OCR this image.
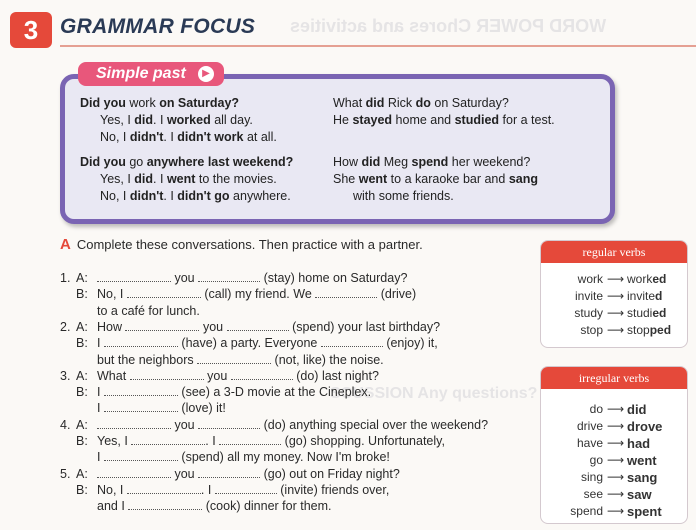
WORD POWER Chores and activities
SCUSSION Any questions?
3	GRAMMAR FOCUS
Simple past	▶
Did you work on Saturday?
Yes, I did. I worked all day.
No, I didn't. I didn't work at all.
Did you go anywhere last weekend?
Yes, I did. I went to the movies.
No, I didn't. I didn't go anywhere.
What did Rick do on Saturday?
He stayed home and studied for a test.
How did Meg spend her weekend?
She went to a karaoke bar and sang
with some friends.
A Complete these conversations. Then practice with a partner.
1. A:	you	(stay) home on Saturday?
B: No, I	(call) my friend. We	(drive)
to a café for lunch.
2. A: How	you	(spend) your last birthday?
B: I	(have) a party. Everyone	(enjoy) it,
but the neighbors	(not, like) the noise.
3. A: What	you	(do) last night?
B: I	(see) a 3-D movie at the Cineplex.
I	(love) it!
4. A:	you	(do) anything special over the weekend?
B: Yes, I	. I	(go) shopping. Unfortunately,
I	(spend) all my money. Now I'm broke!
5. A:	you	(go) out on Friday night?
B: No, I	. I	(invite) friends over,
and I	(cook) dinner for them.
regular verbs
work ⟶ worked
invite ⟶ invited
study ⟶ studied
stop ⟶ stopped
irregular verbs
do ⟶ did
drive ⟶ drove
have ⟶ had
go ⟶ went
sing ⟶ sang
see ⟶ saw
spend ⟶ spent
